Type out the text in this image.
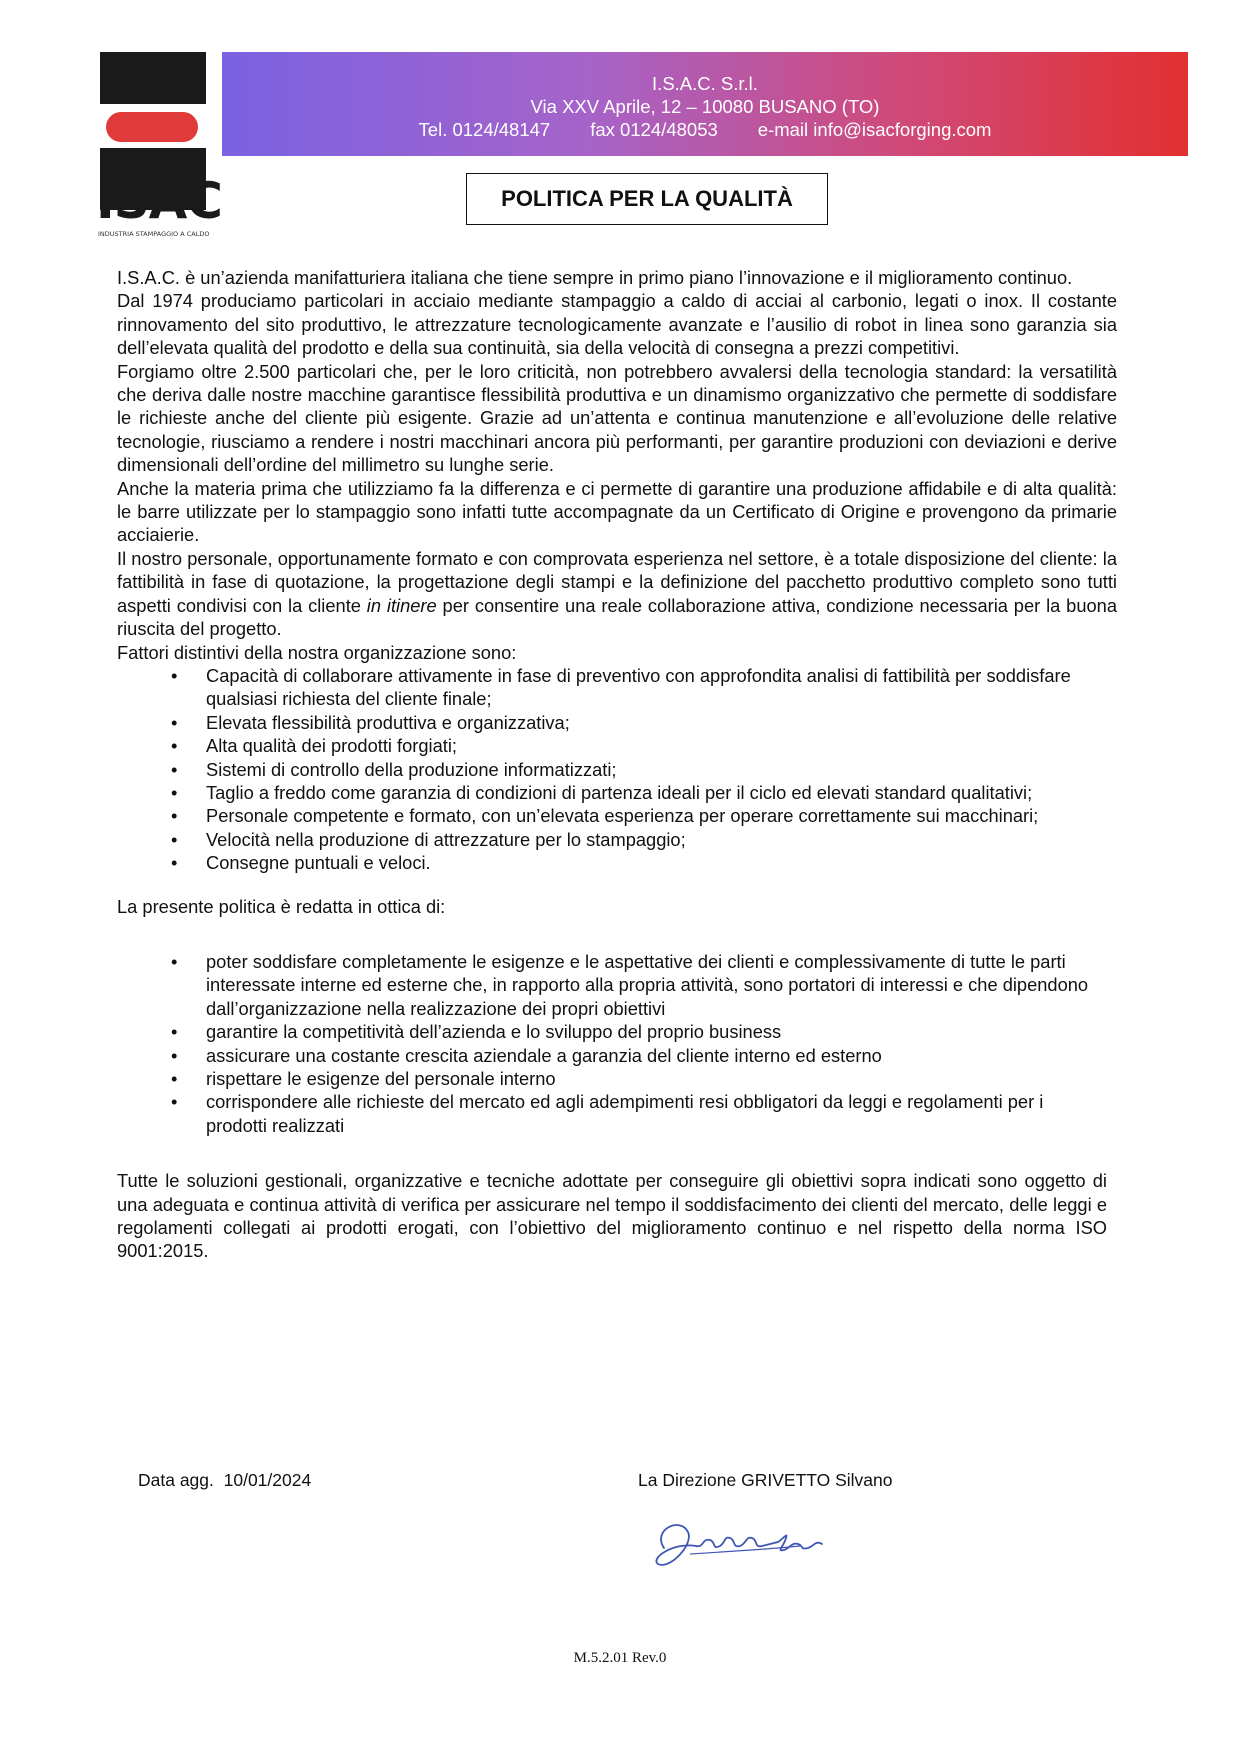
ISAC
INDUSTRIA STAMPAGGIO A CALDO
I.S.A.C. S.r.l.
Via XXV Aprile, 12 – 10080 BUSANO (TO)
Tel. 0124/48147 fax 0124/48053 e-mail info@isacforging.com
POLITICA PER LA QUALITÀ

I.S.A.C. è un’azienda manifatturiera italiana che tiene sempre in primo piano l’innovazione e il miglioramento continuo.

Dal 1974 produciamo particolari in acciaio mediante stampaggio a caldo di acciai al carbonio, legati o inox. Il costante rinnovamento del sito produttivo, le attrezzature tecnologicamente avanzate e l’ausilio di robot in linea sono garanzia sia dell’elevata qualità del prodotto e della sua continuità, sia della velocità di consegna a prezzi competitivi.

Forgiamo oltre 2.500 particolari che, per le loro criticità, non potrebbero avvalersi della tecnologia standard: la versatilità che deriva dalle nostre macchine garantisce flessibilità produttiva e un dinamismo organizzativo che permette di soddisfare le richieste anche del cliente più esigente. Grazie ad un’attenta e continua manutenzione e all’evoluzione delle relative tecnologie, riusciamo a rendere i nostri macchinari ancora più performanti, per garantire produzioni con deviazioni e derive dimensionali dell’ordine del millimetro su lunghe serie.

Anche la materia prima che utilizziamo fa la differenza e ci permette di garantire una produzione affidabile e di alta qualità: le barre utilizzate per lo stampaggio sono infatti tutte accompagnate da un Certificato di Origine e provengono da primarie acciaierie.

Il nostro personale, opportunamente formato e con comprovata esperienza nel settore, è a totale disposizione del cliente: la fattibilità in fase di quotazione, la progettazione degli stampi e la definizione del pacchetto produttivo completo sono tutti aspetti condivisi con la cliente in itinere per consentire una reale collaborazione attiva, condizione necessaria per la buona riuscita del progetto.

Fattori distintivi della nostra organizzazione sono:

• Capacità di collaborare attivamente in fase di preventivo con approfondita analisi di fattibilità per soddisfare qualsiasi richiesta del cliente finale;
• Elevata flessibilità produttiva e organizzativa;
• Alta qualità dei prodotti forgiati;
• Sistemi di controllo della produzione informatizzati;
• Taglio a freddo come garanzia di condizioni di partenza ideali per il ciclo ed elevati standard qualitativi;
• Personale competente e formato, con un’elevata esperienza per operare correttamente sui macchinari;
• Velocità nella produzione di attrezzature per lo stampaggio;
• Consegne puntuali e veloci.

La presente politica è redatta in ottica di:

• poter soddisfare completamente le esigenze e le aspettative dei clienti e complessivamente di tutte le parti interessate interne ed esterne che, in rapporto alla propria attività, sono portatori di interessi e che dipendono dall’organizzazione nella realizzazione dei propri obiettivi
• garantire la competitività dell’azienda e lo sviluppo del proprio business
• assicurare una costante crescita aziendale a garanzia del cliente interno ed esterno
• rispettare le esigenze del personale interno
• corrispondere alle richieste del mercato ed agli adempimenti resi obbligatori da leggi e regolamenti per i prodotti realizzati

Tutte le soluzioni gestionali, organizzative e tecniche adottate per conseguire gli obiettivi sopra indicati sono oggetto di una adeguata e continua attività di verifica per assicurare nel tempo il soddisfacimento dei clienti del mercato, delle leggi e regolamenti collegati ai prodotti erogati, con l’obiettivo del miglioramento continuo e nel rispetto della norma ISO 9001:2015.

Data agg. 10/01/2024	La Direzione GRIVETTO Silvano
M.5.2.01 Rev.0
